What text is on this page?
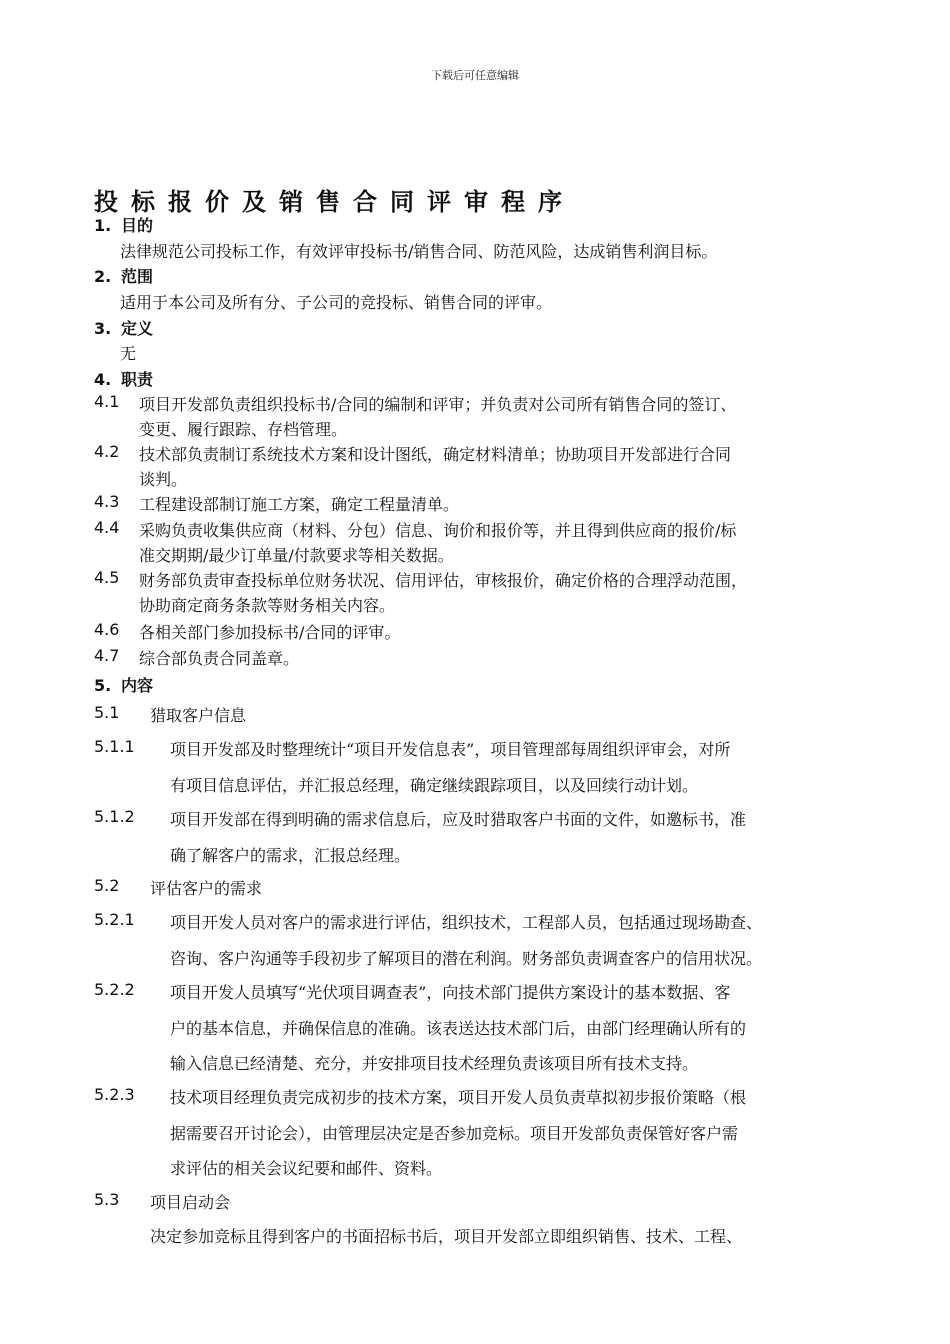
下载后可任意编辑
投标报价及销售合同评审程序
1. 目的
法律规范公司投标工作，有效评审投标书/销售合同、防范风险，达成销售利润目标。
2. 范围
适用于本公司及所有分、子公司的竞投标、销售合同的评审。
3. 定义
无
4. 职责
4.1 项目开发部负责组织投标书/合同的编制和评审；并负责对公司所有销售合同的签订、
变更、履行跟踪、存档管理。
4.2 技术部负责制订系统技术方案和设计图纸，确定材料清单；协助项目开发部进行合同
谈判。
4.3 工程建设部制订施工方案，确定工程量清单。
4.4 采购负责收集供应商（材料、分包）信息、询价和报价等，并且得到供应商的报价/标
准交期期/最少订单量/付款要求等相关数据。
4.5 财务部负责审查投标单位财务状况、信用评估，审核报价，确定价格的合理浮动范围，
协助商定商务条款等财务相关内容。
4.6 各相关部门参加投标书/合同的评审。
4.7 综合部负责合同盖章。
5. 内容
5.1 猎取客户信息
5.1.1 项目开发部及时整理统计“项目开发信息表”，项目管理部每周组织评审会，对所
有项目信息评估，并汇报总经理，确定继续跟踪项目，以及回续行动计划。
5.1.2 项目开发部在得到明确的需求信息后，应及时猎取客户书面的文件，如邀标书，准
确了解客户的需求，汇报总经理。
5.2 评估客户的需求
5.2.1 项目开发人员对客户的需求进行评估，组织技术，工程部人员，包括通过现场勘查、
咨询、客户沟通等手段初步了解项目的潜在利润。财务部负责调查客户的信用状况。
5.2.2 项目开发人员填写“光伏项目调查表”，向技术部门提供方案设计的基本数据、客
户的基本信息，并确保信息的准确。该表送达技术部门后，由部门经理确认所有的
输入信息已经清楚、充分，并安排项目技术经理负责该项目所有技术支持。
5.2.3 技术项目经理负责完成初步的技术方案，项目开发人员负责草拟初步报价策略（根
据需要召开讨论会），由管理层决定是否参加竞标。项目开发部负责保管好客户需
求评估的相关会议纪要和邮件、资料。
5.3 项目启动会
决定参加竞标且得到客户的书面招标书后，项目开发部立即组织销售、技术、工程、
